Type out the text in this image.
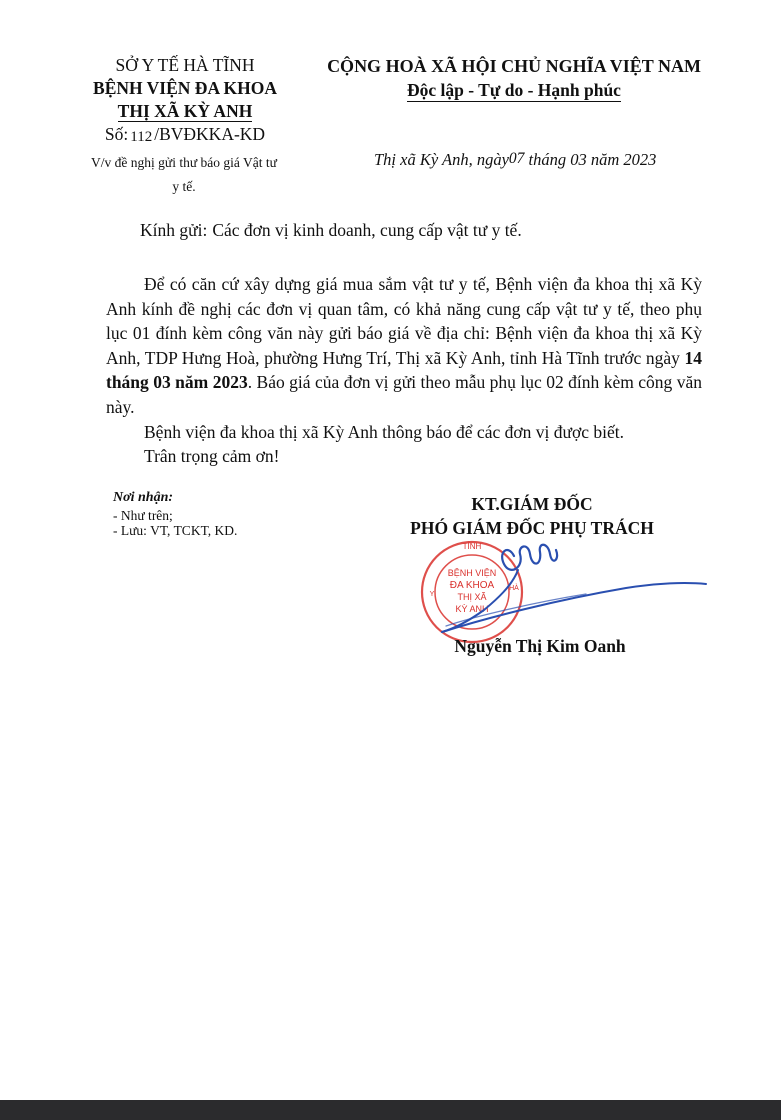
SỞ Y TẾ HÀ TĨNH
BỆNH VIỆN ĐA KHOA
THỊ XÃ KỲ ANH
Số: 112 /BVĐKKA-KD
V/v đề nghị gửi thư báo giá Vật tư
y tế.
CỘNG HOÀ XÃ HỘI CHỦ NGHĨA VIỆT NAM
Độc lập - Tự do - Hạnh phúc
Thị xã Kỳ Anh, ngày07 tháng 03 năm 2023
Kính gửi: Các đơn vị kinh doanh, cung cấp vật tư y tế.

Để có căn cứ xây dựng giá mua sắm vật tư y tế, Bệnh viện đa khoa thị xã Kỳ Anh kính đề nghị các đơn vị quan tâm, có khả năng cung cấp vật tư y tế, theo phụ lục 01 đính kèm công văn này gửi báo giá về địa chỉ: Bệnh viện đa khoa thị xã Kỳ Anh, TDP Hưng Hoà, phường Hưng Trí, Thị xã Kỳ Anh, tỉnh Hà Tĩnh trước ngày 14 tháng 03 năm 2023. Báo giá của đơn vị gửi theo mẫu phụ lục 02 đính kèm công văn này.

Bệnh viện đa khoa thị xã Kỳ Anh thông báo để các đơn vị được biết.

Trân trọng cảm ơn!

Nơi nhận:
- Như trên;
- Lưu: VT, TCKT, KD.
KT.GIÁM ĐỐC
PHÓ GIÁM ĐỐC PHỤ TRÁCH
TỈNH
Y
HÀ
BỆNH VIỆN
ĐA KHOA
THỊ XÃ
KỲ ANH
Nguyễn Thị Kim Oanh
